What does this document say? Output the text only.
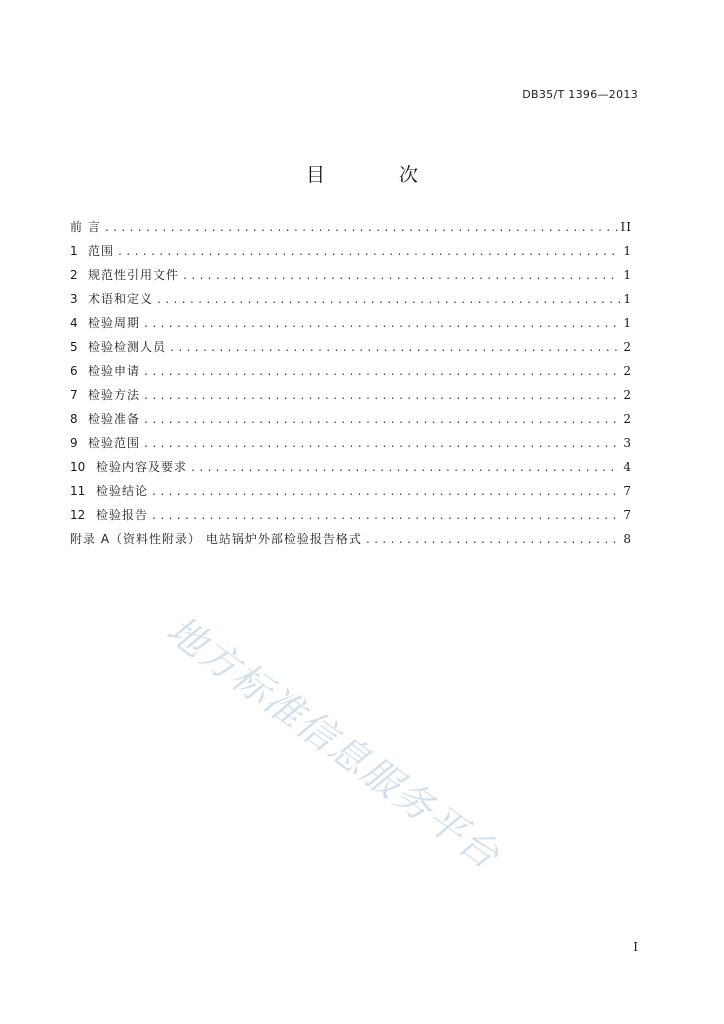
DB35/T 1396—2013
目 次
前 言 .....	II
1 范围 .....	1
2 规范性引用文件 .....	1
3 术语和定义 .....	1
4 检验周期 .....	1
5 检验检测人员 .....	2
6 检验申请 .....	2
7 检验方法 .....	2
8 检验准备 .....	2
9 检验范围 .....	3
10 检验内容及要求 .....	4
11 检验结论 .....	7
12 检验报告 .....	7
附录 A（资料性附录） 电站锅炉外部检验报告格式 .....	8
地方标准信息服务平台
I
